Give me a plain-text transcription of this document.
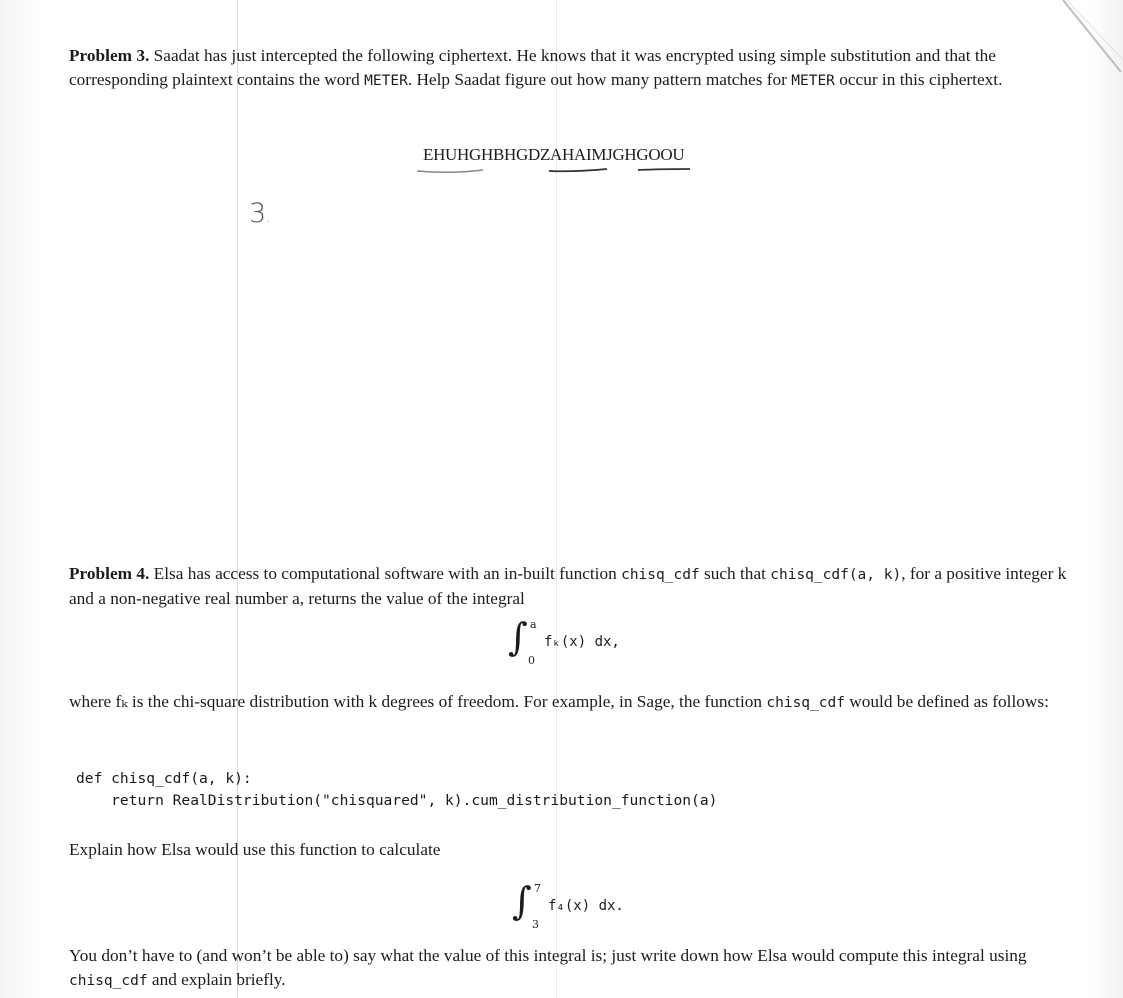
Problem 3. Saadat has just intercepted the following ciphertext. He knows that it was encrypted using simple substitution and that the corresponding plaintext contains the word METER. Help Saadat figure out how many pattern matches for METER occur in this ciphertext.

EHUHGHBHGDZAHAIMJGHGOOU
3.

Problem 4. Elsa has access to computational software with an in-built function chisq_cdf such that chisq_cdf(a, k), for a positive integer k and a non-negative real number a, returns the value of the integral

∫ a
0
fₖ(x) dx,

where fₖ is the chi-square distribution with k degrees of freedom. For example, in Sage, the function chisq_cdf would be defined as follows:

def chisq_cdf(a, k):
return RealDistribution("chisquared", k).cum_distribution_function(a)

Explain how Elsa would use this function to calculate

∫ 7
3
f₄(x) dx.

You don’t have to (and won’t be able to) say what the value of this integral is; just write down how Elsa would compute this integral using chisq_cdf and explain briefly.
